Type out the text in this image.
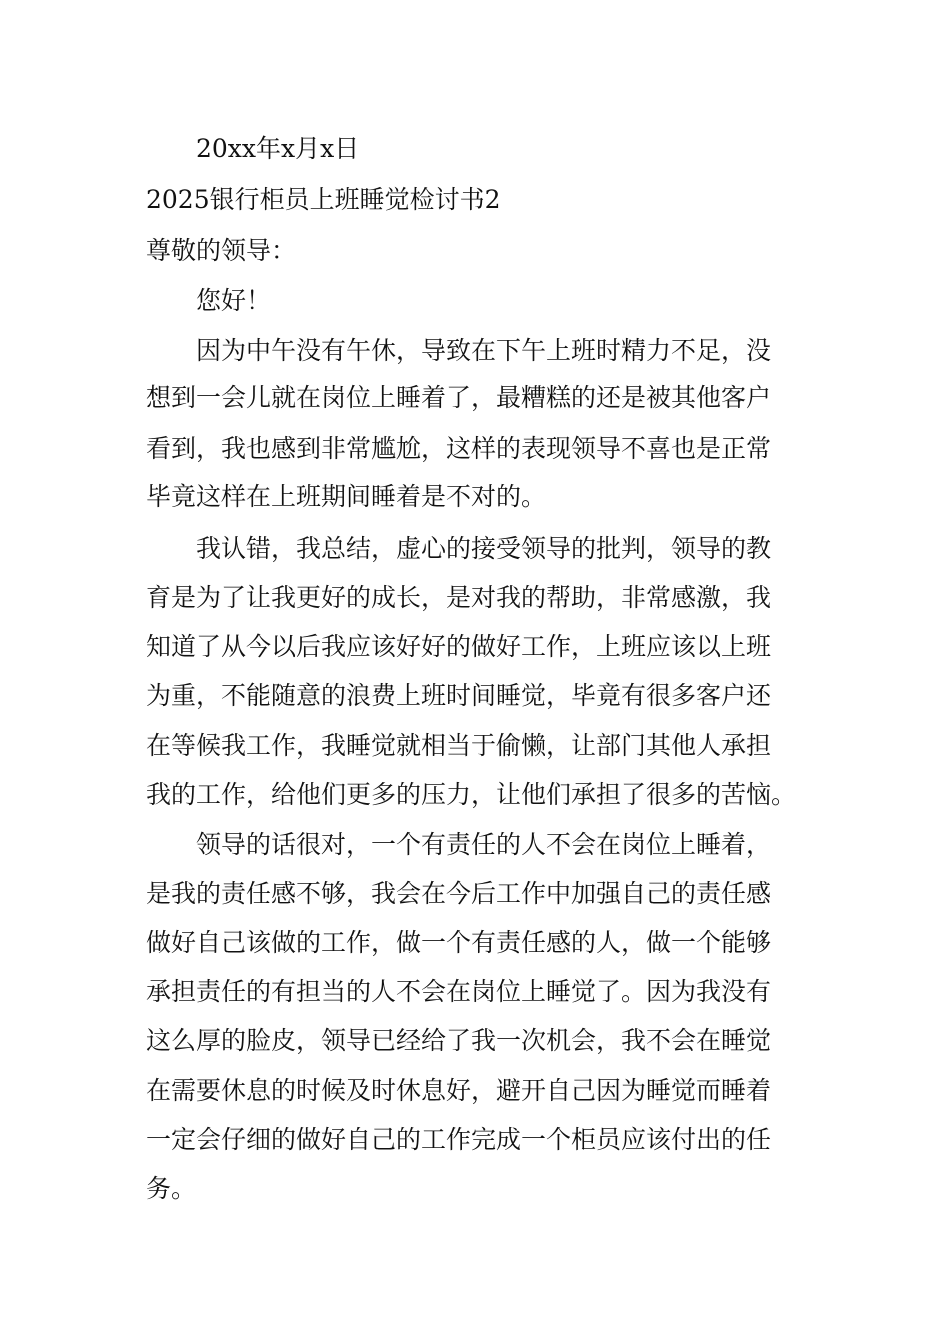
20xx年x月x日
2025银行柜员上班睡觉检讨书2
尊敬的领导：
您好！
因为中午没有午休，导致在下午上班时精力不足，没
想到一会儿就在岗位上睡着了，最糟糕的还是被其他客户
看到，我也感到非常尴尬，这样的表现领导不喜也是正常
毕竟这样在上班期间睡着是不对的。
我认错，我总结，虚心的接受领导的批判，领导的教
育是为了让我更好的成长，是对我的帮助，非常感激，我
知道了从今以后我应该好好的做好工作，上班应该以上班
为重，不能随意的浪费上班时间睡觉，毕竟有很多客户还
在等候我工作，我睡觉就相当于偷懒，让部门其他人承担
我的工作，给他们更多的压力，让他们承担了很多的苦恼。
领导的话很对，一个有责任的人不会在岗位上睡着，
是我的责任感不够，我会在今后工作中加强自己的责任感
做好自己该做的工作，做一个有责任感的人，做一个能够
承担责任的有担当的人不会在岗位上睡觉了。因为我没有
这么厚的脸皮，领导已经给了我一次机会，我不会在睡觉
在需要休息的时候及时休息好，避开自己因为睡觉而睡着
一定会仔细的做好自己的工作完成一个柜员应该付出的任
务。
